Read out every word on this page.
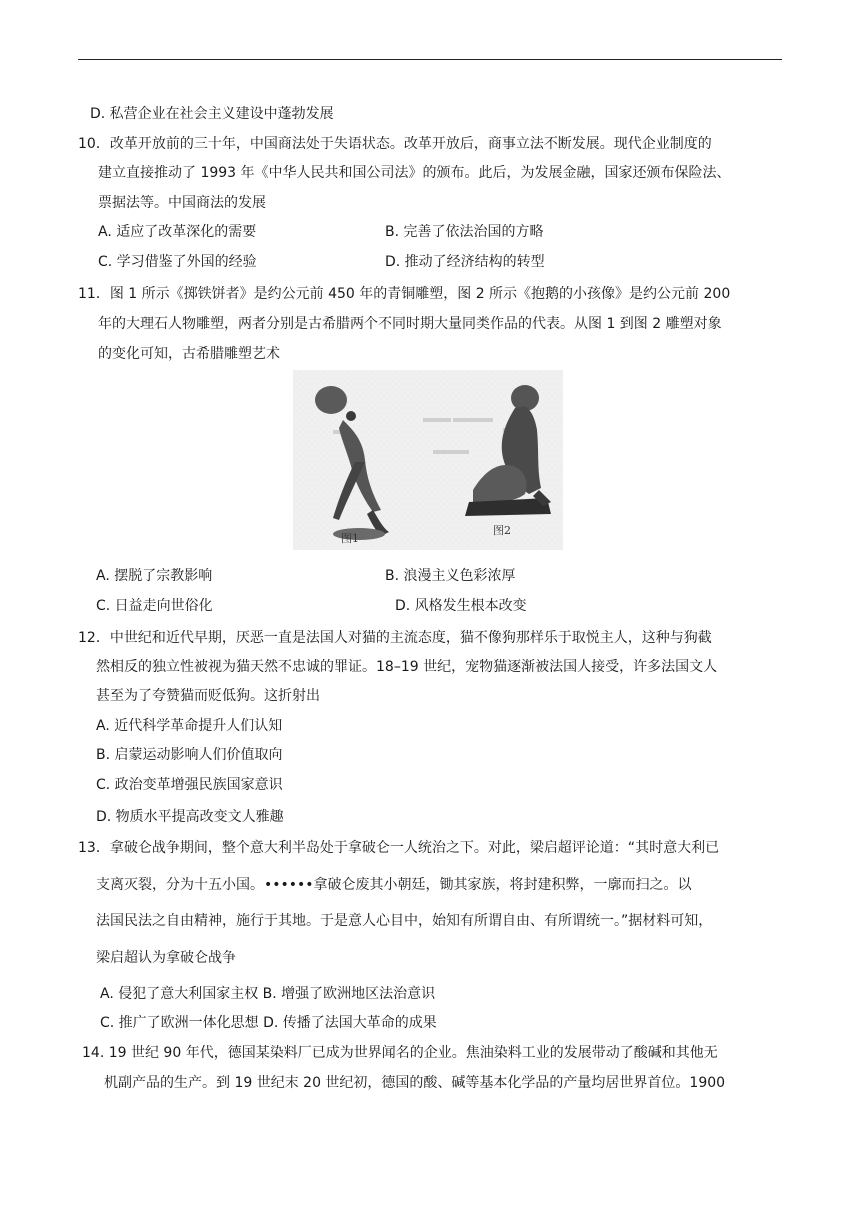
D. 私营企业在社会主义建设中蓬勃发展
10．改革开放前的三十年，中国商法处于失语状态。改革开放后，商事立法不断发展。现代企业制度的
建立直接推动了 1993 年《中华人民共和国公司法》的颁布。此后，为发展金融，国家还颁布保险法、
票据法等。中国商法的发展
A. 适应了改革深化的需要	B. 完善了依法治国的方略
C. 学习借鉴了外国的经验	D. 推动了经济结构的转型
11．图 1 所示《掷铁饼者》是约公元前 450 年的青铜雕塑，图 2 所示《抱鹅的小孩像》是约公元前 200
年的大理石人物雕塑，两者分别是古希腊两个不同时期大量同类作品的代表。从图 1 到图 2 雕塑对象
的变化可知，古希腊雕塑艺术
图1
图2
A. 摆脱了宗教影响	B. 浪漫主义色彩浓厚
C. 日益走向世俗化	D. 风格发生根本改变
12．中世纪和近代早期，厌恶一直是法国人对猫的主流态度，猫不像狗那样乐于取悦主人，这种与狗截
然相反的独立性被视为猫天然不忠诚的罪证。18–19 世纪，宠物猫逐渐被法国人接受，许多法国文人
甚至为了夸赞猫而贬低狗。这折射出
A. 近代科学革命提升人们认知
B. 启蒙运动影响人们价值取向
C. 政治变革增强民族国家意识
D. 物质水平提高改变文人雅趣
13．拿破仑战争期间，整个意大利半岛处于拿破仑一人统治之下。对此，梁启超评论道：“其时意大利已
支离灭裂，分为十五小国。••••••拿破仑废其小朝廷，锄其家族，将封建积弊，一廓而扫之。以
法国民法之自由精神，施行于其地。于是意人心目中，始知有所谓自由、有所谓统一。”据材料可知，
梁启超认为拿破仑战争
A. 侵犯了意大利国家主权 B. 增强了欧洲地区法治意识
C. 推广了欧洲一体化思想 D. 传播了法国大革命的成果
14. 19 世纪 90 年代，德国某染料厂已成为世界闻名的企业。焦油染料工业的发展带动了酸碱和其他无
机副产品的生产。到 19 世纪末 20 世纪初，德国的酸、碱等基本化学品的产量均居世界首位。1900
